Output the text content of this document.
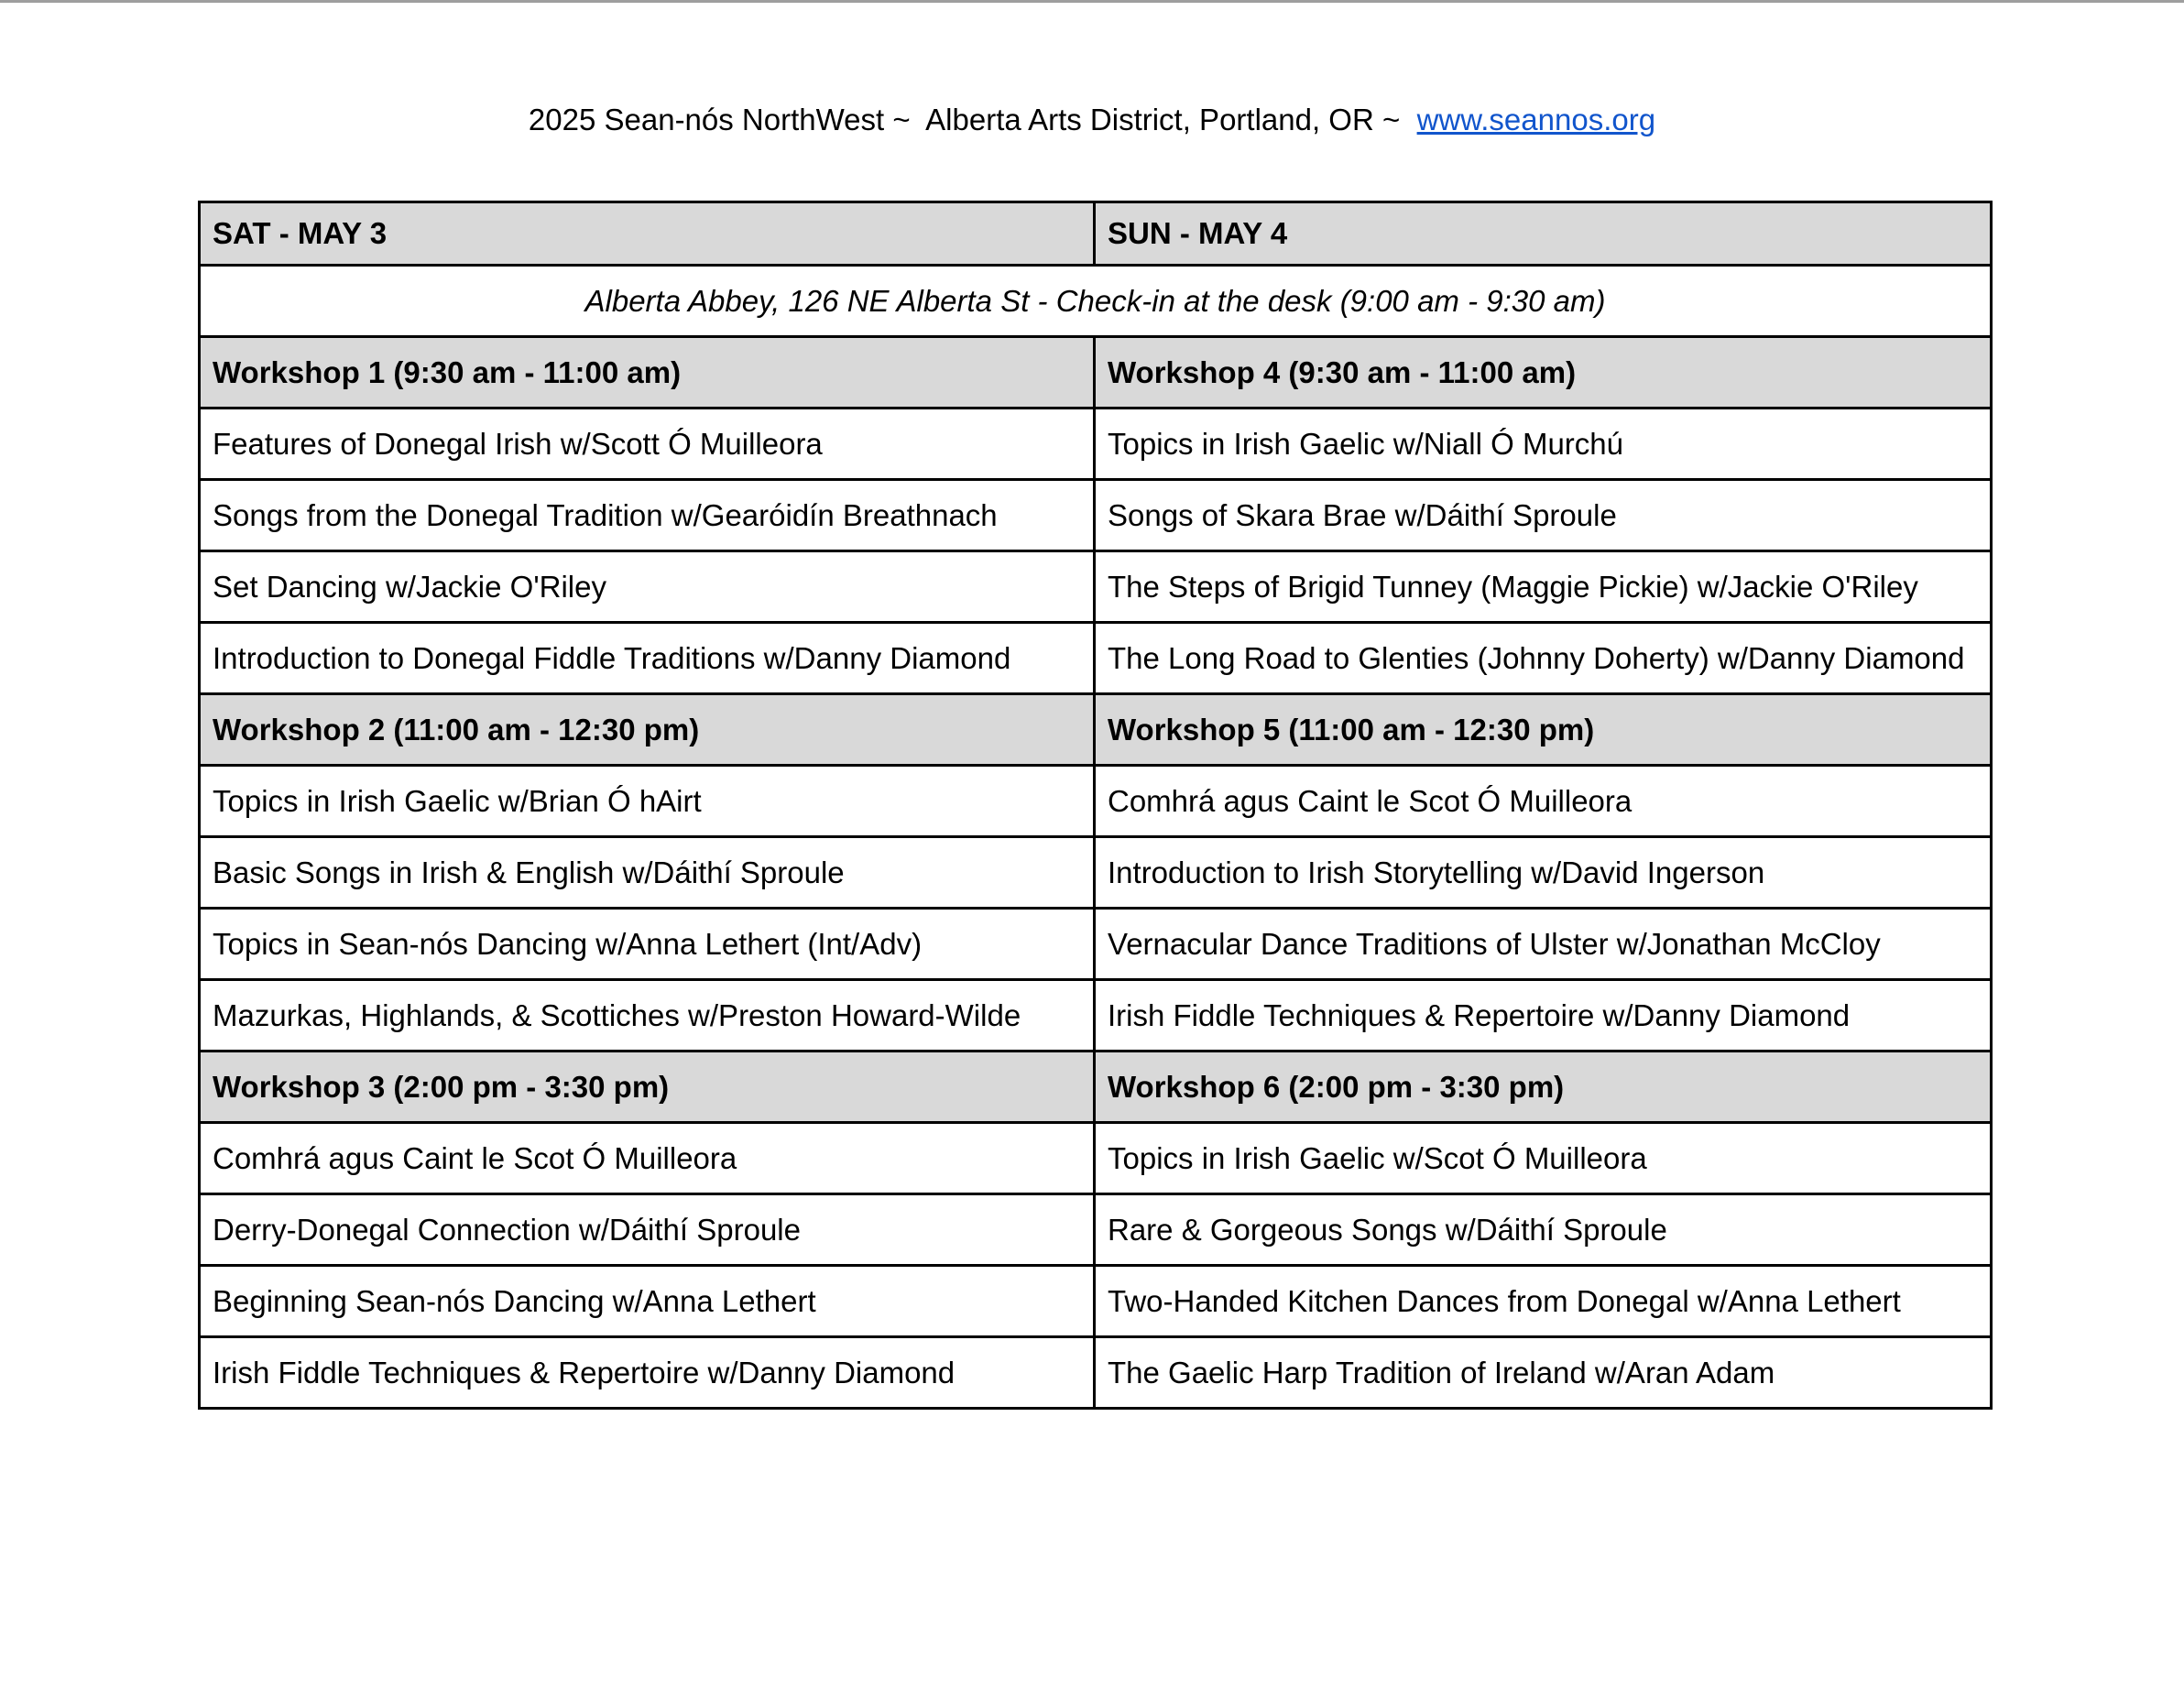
2025 Sean-nós NorthWest ~  Alberta Arts District, Portland, OR ~  www.seannos.org
SAT - MAY 3	SUN - MAY 4
Alberta Abbey, 126 NE Alberta St - Check-in at the desk (9:00 am - 9:30 am)	
Workshop 1 (9:30 am - 11:00 am)	Workshop 4 (9:30 am - 11:00 am)
Features of Donegal Irish w/Scott Ó Muilleora	Topics in Irish Gaelic w/Niall Ó Murchú
Songs from the Donegal Tradition w/Gearóidín Breathnach	Songs of Skara Brae w/Dáithí Sproule
Set Dancing w/Jackie O'Riley	The Steps of Brigid Tunney (Maggie Pickie) w/Jackie O'Riley
Introduction to Donegal Fiddle Traditions w/Danny Diamond	The Long Road to Glenties (Johnny Doherty) w/Danny Diamond
Workshop 2 (11:00 am - 12:30 pm)	Workshop 5 (11:00 am - 12:30 pm)
Topics in Irish Gaelic w/Brian Ó hAirt	Comhrá agus Caint le Scot Ó Muilleora
Basic Songs in Irish & English w/Dáithí Sproule	Introduction to Irish Storytelling w/David Ingerson
Topics in Sean-nós Dancing w/Anna Lethert (Int/Adv)	Vernacular Dance Traditions of Ulster w/Jonathan McCloy
Mazurkas, Highlands, & Scottiches w/Preston Howard-Wilde	Irish Fiddle Techniques & Repertoire w/Danny Diamond
Workshop 3 (2:00 pm - 3:30 pm)	Workshop 6 (2:00 pm - 3:30 pm)
Comhrá agus Caint le Scot Ó Muilleora	Topics in Irish Gaelic w/Scot Ó Muilleora
Derry-Donegal Connection w/Dáithí Sproule	Rare & Gorgeous Songs w/Dáithí Sproule
Beginning Sean-nós Dancing w/Anna Lethert	Two-Handed Kitchen Dances from Donegal w/Anna Lethert
Irish Fiddle Techniques & Repertoire w/Danny Diamond	The Gaelic Harp Tradition of Ireland w/Aran Adam
